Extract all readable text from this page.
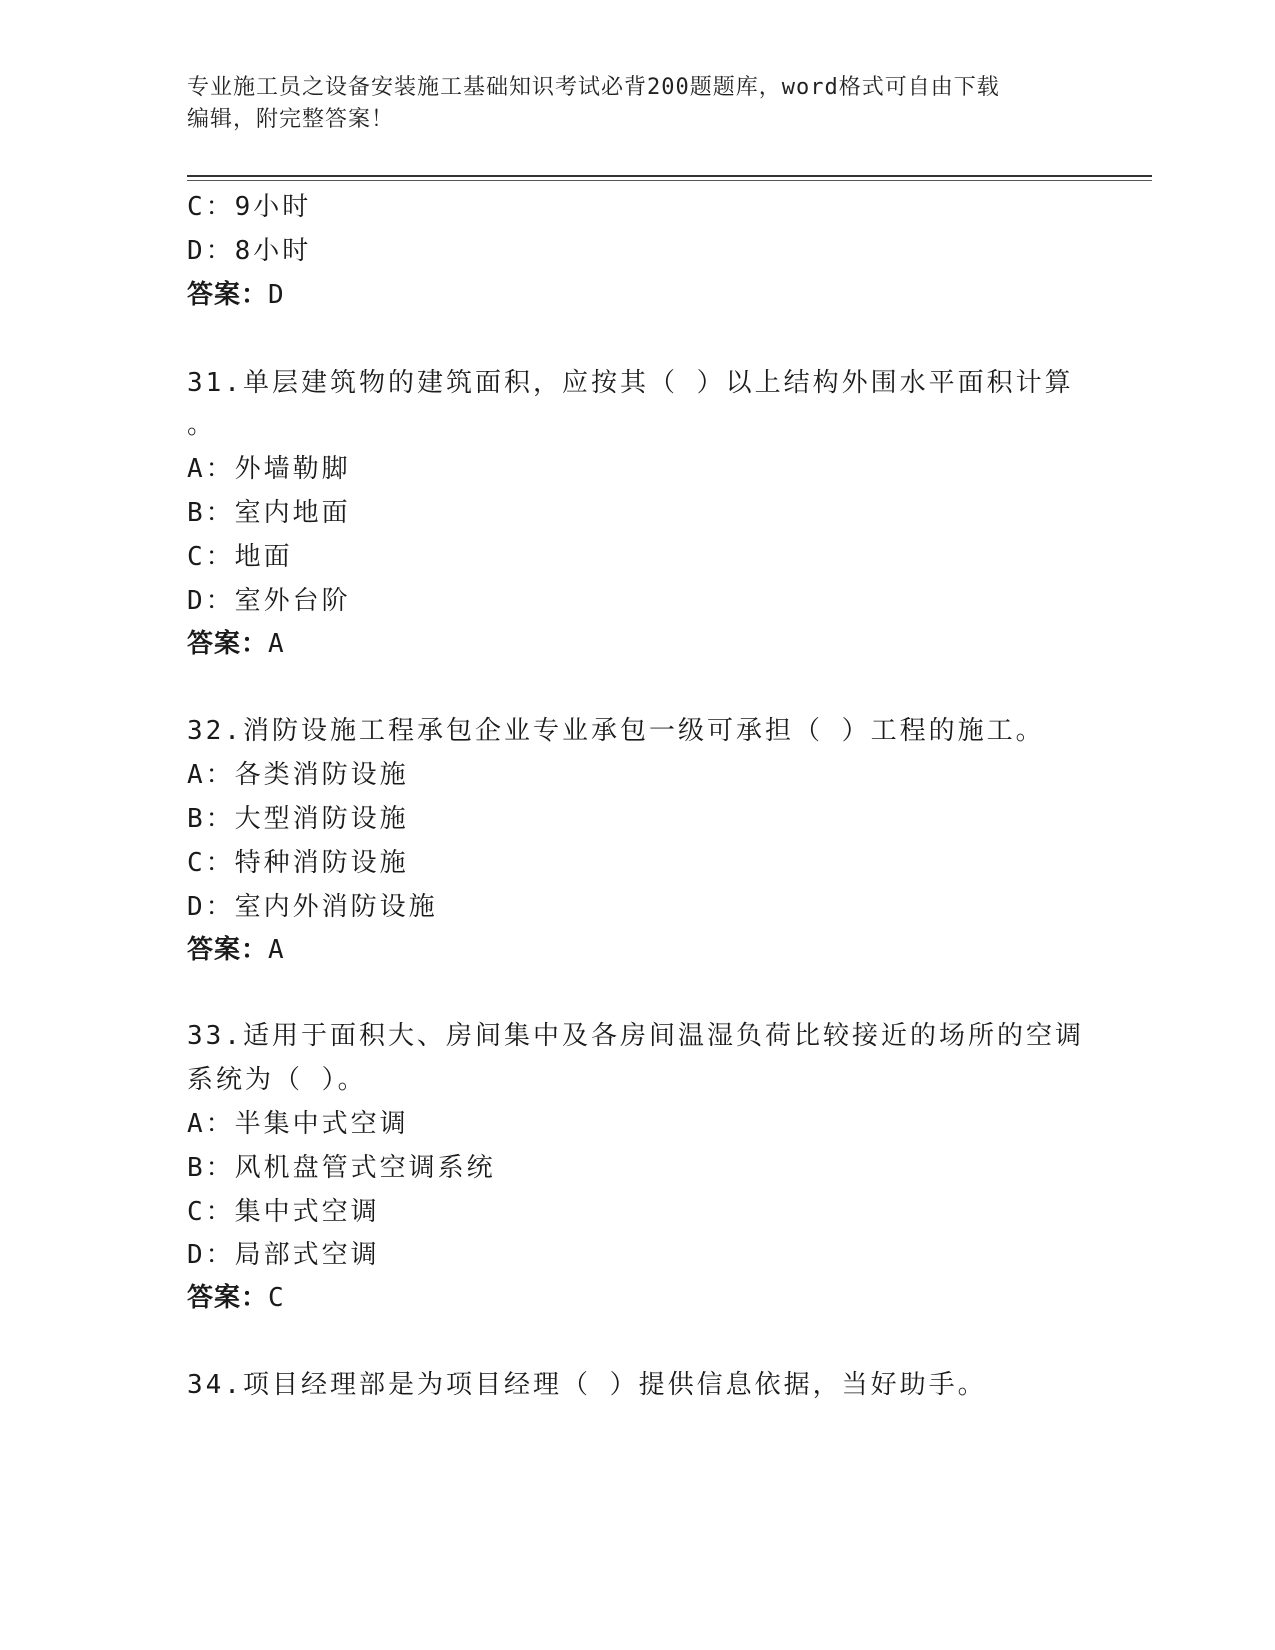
专业施工员之设备安装施工基础知识考试必背200题题库，word格式可自由下载
编辑，附完整答案！
C：9小时
D：8小时
答案：D
31.单层建筑物的建筑面积，应按其（ ）以上结构外围水平面积计算
。
A：外墙勒脚
B：室内地面
C：地面
D：室外台阶
答案：A
32.消防设施工程承包企业专业承包一级可承担（ ）工程的施工。
A：各类消防设施
B：大型消防设施
C：特种消防设施
D：室内外消防设施
答案：A
33.适用于面积大、房间集中及各房间温湿负荷比较接近的场所的空调
系统为（ ）。
A：半集中式空调
B：风机盘管式空调系统
C：集中式空调
D：局部式空调
答案：C
34.项目经理部是为项目经理（ ）提供信息依据，当好助手。
